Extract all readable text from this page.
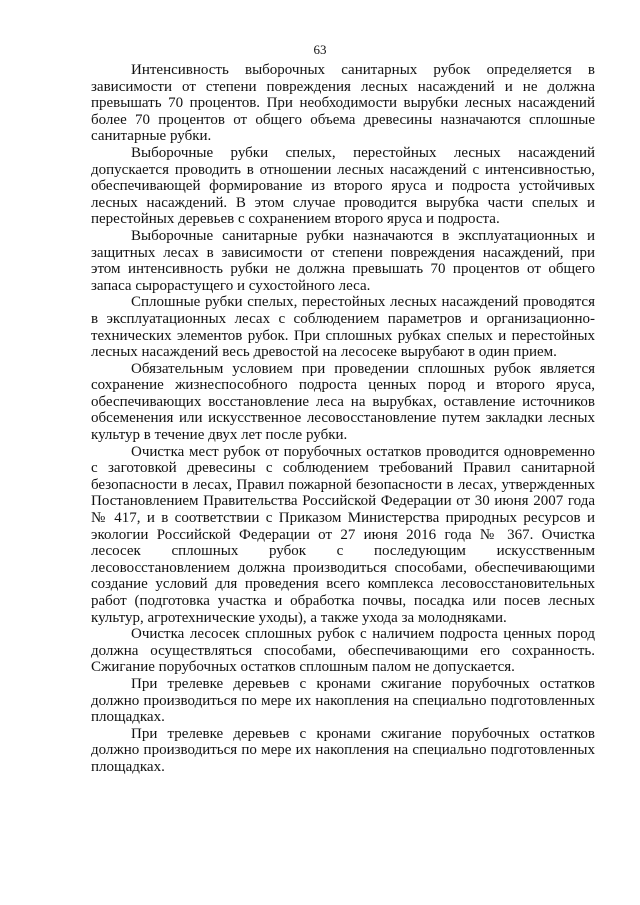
63

Интенсивность выборочных санитарных рубок определяется в зависимости от степени повреждения лесных насаждений и не должна превышать 70 процентов. При необходимости вырубки лесных насаждений более 70 процентов от общего объема древесины назначаются сплошные санитарные рубки.

Выборочные рубки спелых, перестойных лесных насаждений допускается проводить в отношении лесных насаждений с интенсивностью, обеспечивающей формирование из второго яруса и подроста устойчивых лесных насаждений. В этом случае проводится вырубка части спелых и перестойных деревьев с сохранением второго яруса и подроста.

Выборочные санитарные рубки назначаются в эксплуатационных и защитных лесах в зависимости от степени повреждения насаждений, при этом интенсивность рубки не должна превышать 70 процентов от общего запаса сырорастущего и сухостойного леса.

Сплошные рубки спелых, перестойных лесных насаждений проводятся в эксплуатационных лесах с соблюдением параметров и организационно-технических элементов рубок. При сплошных рубках спелых и перестойных лесных насаждений весь древостой на лесосеке вырубают в один прием.

Обязательным условием при проведении сплошных рубок является сохранение жизнеспособного подроста ценных пород и второго яруса, обеспечивающих восстановление леса на вырубках, оставление источников обсеменения или искусственное лесовосстановление путем закладки лесных культур в течение двух лет после рубки.

Очистка мест рубок от порубочных остатков проводится одновременно с заготовкой древесины с соблюдением требований Правил санитарной безопасности в лесах, Правил пожарной безопасности в лесах, утвержденных Постановлением Правительства Российской Федерации от 30 июня 2007 года № 417, и в соответствии с Приказом Министерства природных ресурсов и экологии Российской Федерации от 27 июня 2016 года № 367. Очистка лесосек сплошных рубок с последующим искусственным лесовосстановлением должна производиться способами, обеспечивающими создание условий для проведения всего комплекса лесовосстановительных работ (подготовка участка и обработка почвы, посадка или посев лесных культур, агротехнические уходы), а также ухода за молодняками.

Очистка лесосек сплошных рубок с наличием подроста ценных пород должна осуществляться способами, обеспечивающими его сохранность. Сжигание порубочных остатков сплошным палом не допускается.

При трелевке деревьев с кронами сжигание порубочных остатков должно производиться по мере их накопления на специально подготовленных площадках.

При трелевке деревьев с кронами сжигание порубочных остатков должно производиться по мере их накопления на специально подготовленных площадках.
